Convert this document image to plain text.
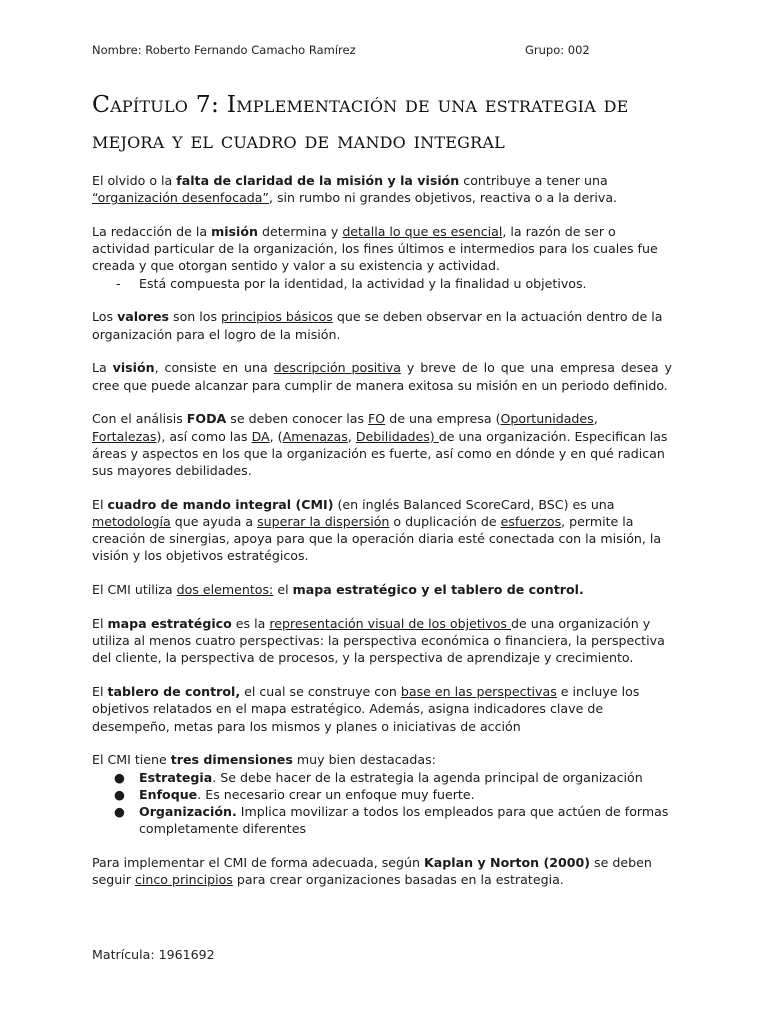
Nombre: Roberto Fernando Camacho Ramírez	Grupo: 002
Capítulo 7: Implementación de una estrategia de mejora y el cuadro de mando integral

El olvido o la falta de claridad de la misión y la visión contribuye a tener una “organización desenfocada”, sin rumbo ni grandes objetivos, reactiva o a la deriva.

La redacción de la misión determina y detalla lo que es esencial, la razón de ser o actividad particular de la organización, los fines últimos e intermedios para los cuales fue creada y que otorgan sentido y valor a su existencia y actividad.

- Está compuesta por la identidad, la actividad y la finalidad u objetivos.

Los valores son los principios básicos que se deben observar en la actuación dentro de la organización para el logro de la misión.

La visión, consiste en una descripción positiva y breve de lo que una empresa desea y cree que puede alcanzar para cumplir de manera exitosa su misión en un periodo definido.

Con el análisis FODA se deben conocer las FO de una empresa (Oportunidades, Fortalezas), así como las DA, (Amenazas, Debilidades) de una organización. Especifican las áreas y aspectos en los que la organización es fuerte, así como en dónde y en qué radican sus mayores debilidades.

El cuadro de mando integral (CMI) (en inglés Balanced ScoreCard, BSC) es una metodología que ayuda a superar la dispersión o duplicación de esfuerzos, permite la creación de sinergias, apoya para que la operación diaria esté conectada con la misión, la visión y los objetivos estratégicos.

El CMI utiliza dos elementos: el mapa estratégico y el tablero de control.

El mapa estratégico es la representación visual de los objetivos de una organización y utiliza al menos cuatro perspectivas: la perspectiva económica o financiera, la perspectiva del cliente, la perspectiva de procesos, y la perspectiva de aprendizaje y crecimiento.

El tablero de control, el cual se construye con base en las perspectivas e incluye los objetivos relatados en el mapa estratégico. Además, asigna indicadores clave de desempeño, metas para los mismos y planes o iniciativas de acción

El CMI tiene tres dimensiones muy bien destacadas:

● Estrategia. Se debe hacer de la estrategia la agenda principal de organización
● Enfoque. Es necesario crear un enfoque muy fuerte.
● Organización. Implica movilizar a todos los empleados para que actúen de formas completamente diferentes

Para implementar el CMI de forma adecuada, según Kaplan y Norton (2000) se deben seguir cinco principios para crear organizaciones basadas en la estrategia.

Matrícula: 1961692
